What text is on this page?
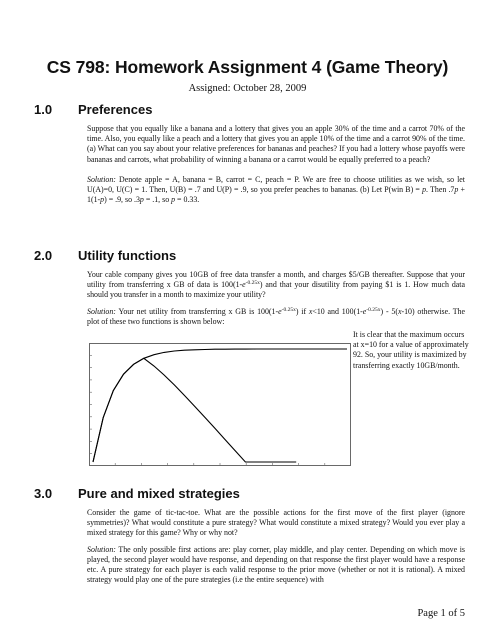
CS 798: Homework Assignment 4 (Game Theory)
Assigned: October 28, 2009
1.0 Preferences

Suppose that you equally like a banana and a lottery that gives you an apple 30% of the time and a carrot 70% of the time. Also, you equally like a peach and a lottery that gives you an apple 10% of the time and a carrot 90% of the time. (a) What can you say about your relative preferences for bananas and peaches? If you had a lottery whose payoffs were bananas and carrots, what probability of winning a banana or a carrot would be equally preferred to a peach?

Solution: Denote apple = A, banana = B, carrot = C, peach = P. We are free to choose utilities as we wish, so let U(A)=0, U(C) = 1. Then, U(B) = .7 and U(P) = .9, so you prefer peaches to bananas. (b) Let P(win B) = p. Then .7p + 1(1-p) = .9, so .3p = .1, so p = 0.33.

2.0 Utility functions

Your cable company gives you 10GB of free data transfer a month, and charges $5/GB thereafter. Suppose that your utility from transferring x GB of data is $100(1-e^{-0.25x})$ and that your disutility from paying $1 is 1. How much data should you transfer in a month to maximize your utility?

Solution: Your net utility from transferring x GB is $100(1-e^{-0.25x})$ if x<10 and $100(1-e^{-0.25x}) - 5(x-10)$ otherwise. The plot of these two functions is shown below:

It is clear that the maximum occurs at x=10 for a value of approximately 92. So, your utility is maximized by transferring exactly 10GB/month.
3.0 Pure and mixed strategies

Consider the game of tic-tac-toe. What are the possible actions for the first move of the first player (ignore symmetries)? What would constitute a pure strategy? What would constitute a mixed strategy? Would you ever play a mixed strategy for this game? Why or why not?

Solution: The only possible first actions are: play corner, play middle, and play center. Depending on which move is played, the second player would have response, and depending on that response the first player would have a response etc. A pure strategy for each player is each valid response to the prior move (whether or not it is rational). A mixed strategy would play one of the pure strategies (i.e the entire sequence) with

Page 1 of 5
